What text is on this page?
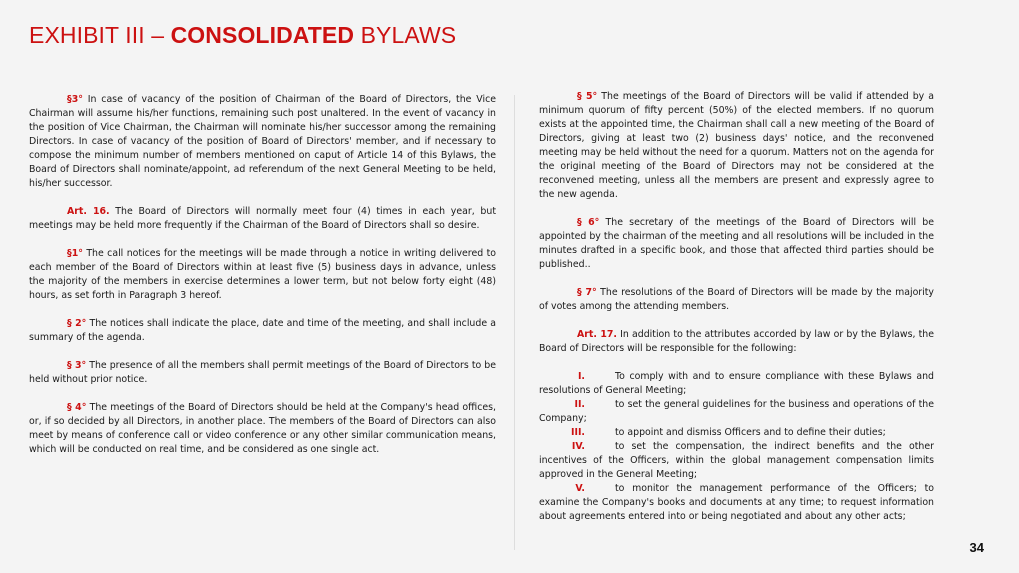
EXHIBIT III – CONSOLIDATED BYLAWS

§3° In case of vacancy of the position of Chairman of the Board of Directors, the Vice Chairman will assume his/her functions, remaining such post unaltered. In the event of vacancy in the position of Vice Chairman, the Chairman will nominate his/her successor among the remaining Directors. In case of vacancy of the position of Board of Directors' member, and if necessary to compose the minimum number of members mentioned on caput of Article 14 of this Bylaws, the Board of Directors shall nominate/appoint, ad referendum of the next General Meeting to be held, his/her successor.

Art. 16. The Board of Directors will normally meet four (4) times in each year, but meetings may be held more frequently if the Chairman of the Board of Directors shall so desire.

§1° The call notices for the meetings will be made through a notice in writing delivered to each member of the Board of Directors within at least five (5) business days in advance, unless the majority of the members in exercise determines a lower term, but not below forty eight (48) hours, as set forth in Paragraph 3 hereof.

§ 2° The notices shall indicate the place, date and time of the meeting, and shall include a summary of the agenda.

§ 3° The presence of all the members shall permit meetings of the Board of Directors to be held without prior notice.

§ 4° The meetings of the Board of Directors should be held at the Company's head offices, or, if so decided by all Directors, in another place. The members of the Board of Directors can also meet by means of conference call or video conference or any other similar communication means, which will be conducted on real time, and be considered as one single act.

§ 5° The meetings of the Board of Directors will be valid if attended by a minimum quorum of fifty percent (50%) of the elected members. If no quorum exists at the appointed time, the Chairman shall call a new meeting of the Board of Directors, giving at least two (2) business days' notice, and the reconvened meeting may be held without the need for a quorum. Matters not on the agenda for the original meeting of the Board of Directors may not be considered at the reconvened meeting, unless all the members are present and expressly agree to the new agenda.

§ 6° The secretary of the meetings of the Board of Directors will be appointed by the chairman of the meeting and all resolutions will be included in the minutes drafted in a specific book, and those that affected third parties should be published..

§ 7° The resolutions of the Board of Directors will be made by the majority of votes among the attending members.

Art. 17. In addition to the attributes accorded by law or by the Bylaws, the Board of Directors will be responsible for the following:

I.	To comply with and to ensure compliance with these Bylaws and resolutions of General Meeting;

II.	to set the general guidelines for the business and operations of the Company;

III.	to appoint and dismiss Officers and to define their duties;

IV.	to set the compensation, the indirect benefits and the other incentives of the Officers, within the global management compensation limits approved in the General Meeting;

V.	to monitor the management performance of the Officers; to examine the Company's books and documents at any time; to request information about agreements entered into or being negotiated and about any other acts;

34
